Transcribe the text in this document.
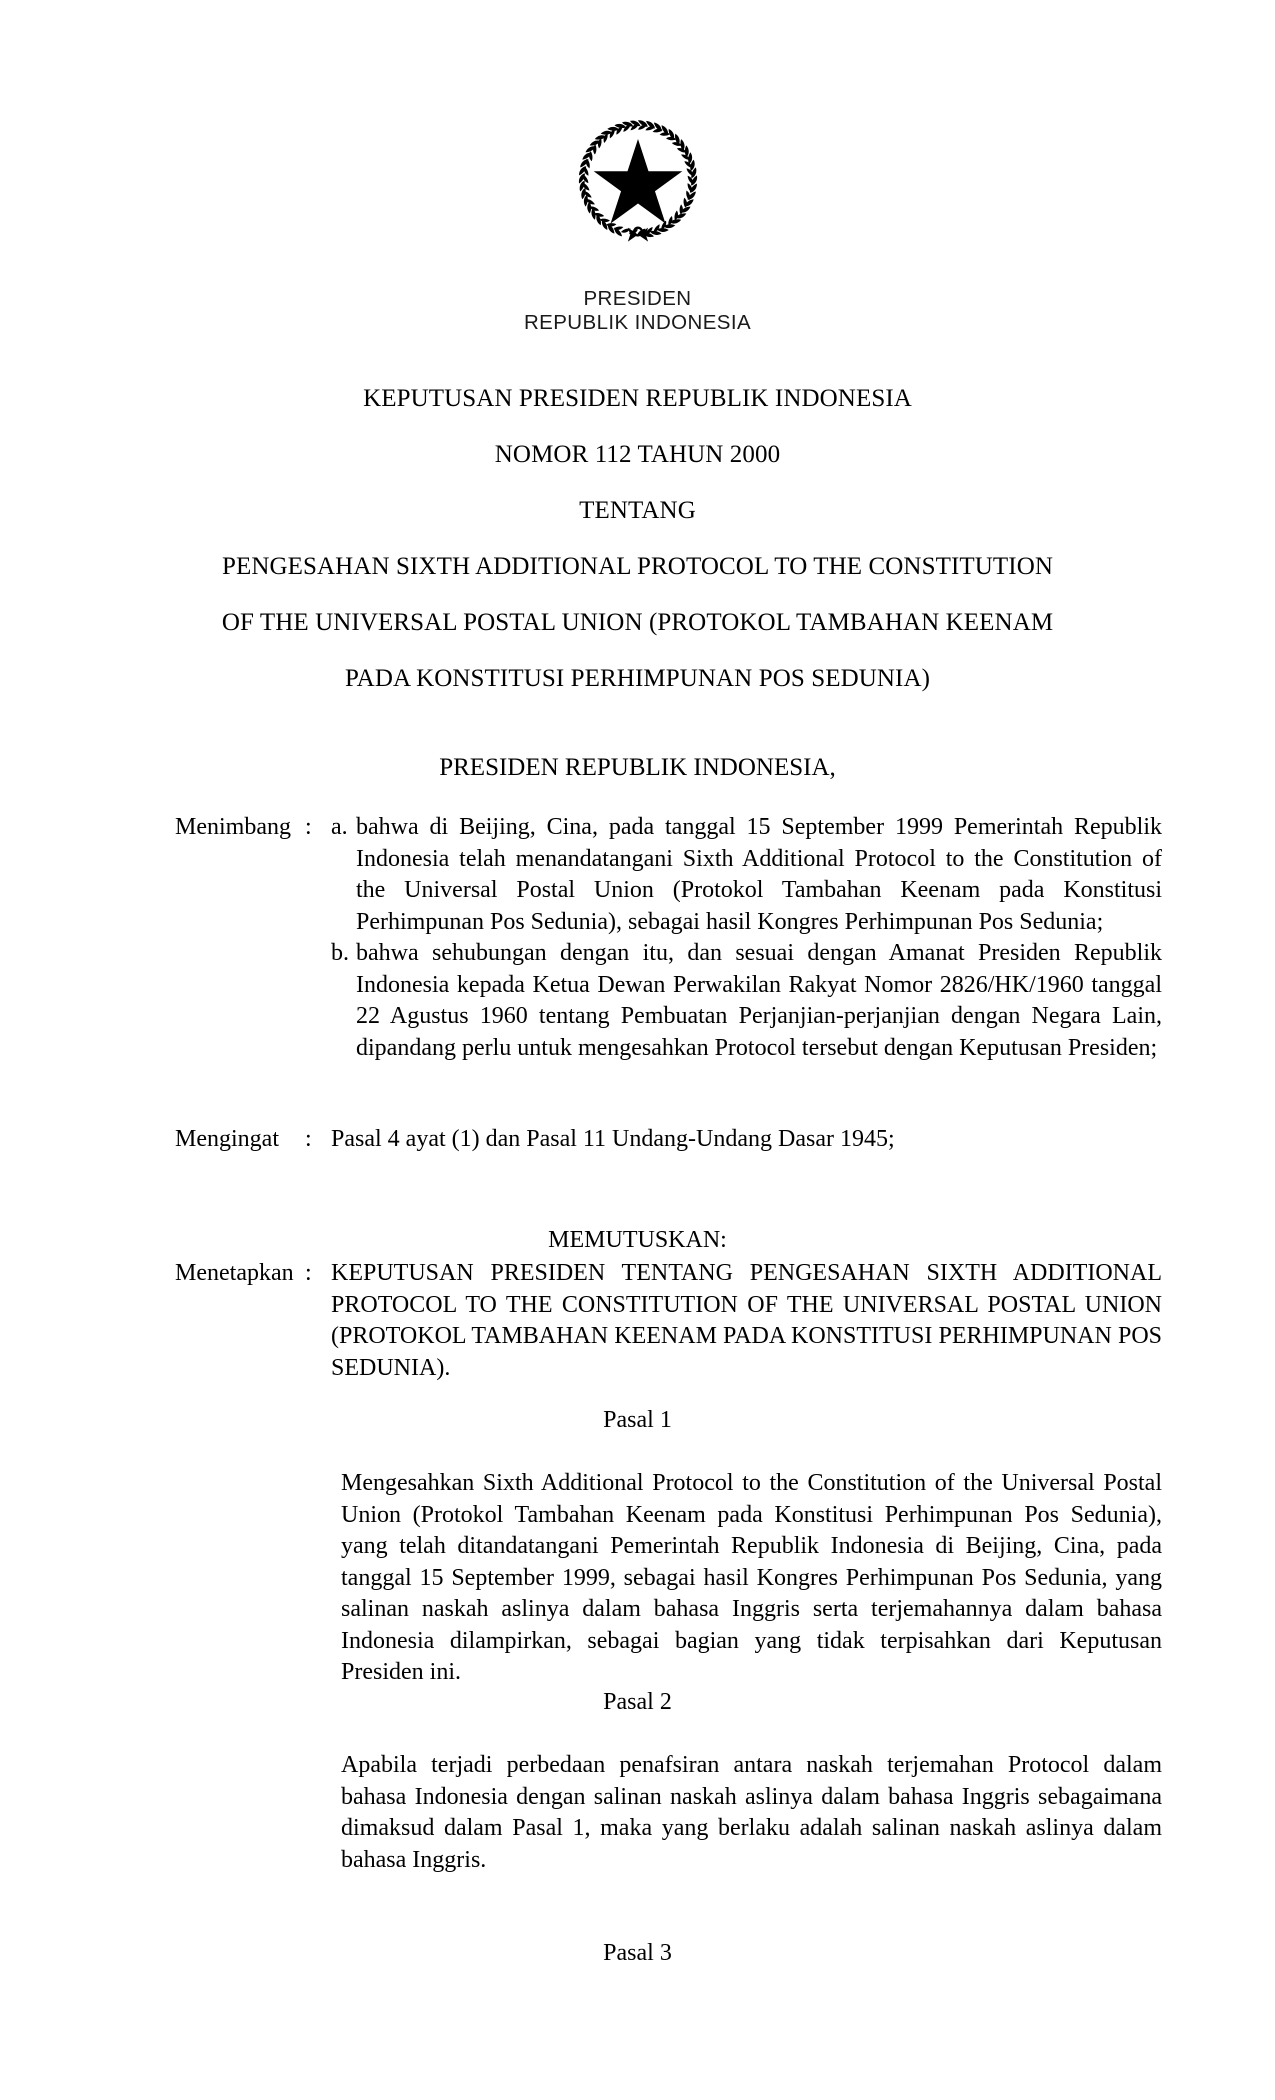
PRESIDEN
REPUBLIK INDONESIA
KEPUTUSAN PRESIDEN REPUBLIK INDONESIA
NOMOR 112 TAHUN 2000
TENTANG
PENGESAHAN SIXTH ADDITIONAL PROTOCOL TO THE CONSTITUTION
OF THE UNIVERSAL POSTAL UNION (PROTOKOL TAMBAHAN KEENAM
PADA KONSTITUSI PERHIMPUNAN POS SEDUNIA)
PRESIDEN REPUBLIK INDONESIA,
Menimbang : a. bahwa di Beijing, Cina, pada tanggal 15 September 1999 Pemerintah Republik Indonesia telah menandatangani Sixth Additional Protocol to the Constitution of the Universal Postal Union (Protokol Tambahan Keenam pada Konstitusi Perhimpunan Pos Sedunia), sebagai hasil Kongres Perhimpunan Pos Sedunia;
b. bahwa sehubungan dengan itu, dan sesuai dengan Amanat Presiden Republik Indonesia kepada Ketua Dewan Perwakilan Rakyat Nomor 2826/HK/1960 tanggal 22 Agustus 1960 tentang Pembuatan Perjanjian-perjanjian dengan Negara Lain, dipandang perlu untuk mengesahkan Protocol tersebut dengan Keputusan Presiden;
Mengingat	: Pasal 4 ayat (1) dan Pasal 11 Undang-Undang Dasar 1945;
MEMUTUSKAN:
Menetapkan : KEPUTUSAN PRESIDEN TENTANG PENGESAHAN SIXTH ADDITIONAL PROTOCOL TO THE CONSTITUTION OF THE UNIVERSAL POSTAL UNION (PROTOKOL TAMBAHAN KEENAM PADA KONSTITUSI PERHIMPUNAN POS SEDUNIA).
Pasal 1
Mengesahkan Sixth Additional Protocol to the Constitution of the Universal Postal Union (Protokol Tambahan Keenam pada Konstitusi Perhimpunan Pos Sedunia), yang telah ditandatangani Pemerintah Republik Indonesia di Beijing, Cina, pada tanggal 15 September 1999, sebagai hasil Kongres Perhimpunan Pos Sedunia, yang salinan naskah aslinya dalam bahasa Inggris serta terjemahannya dalam bahasa Indonesia dilampirkan, sebagai bagian yang tidak terpisahkan dari Keputusan Presiden ini.
Pasal 2
Apabila terjadi perbedaan penafsiran antara naskah terjemahan Protocol dalam bahasa Indonesia dengan salinan naskah aslinya dalam bahasa Inggris sebagaimana dimaksud dalam Pasal 1, maka yang berlaku adalah salinan naskah aslinya dalam bahasa Inggris.
Pasal 3
